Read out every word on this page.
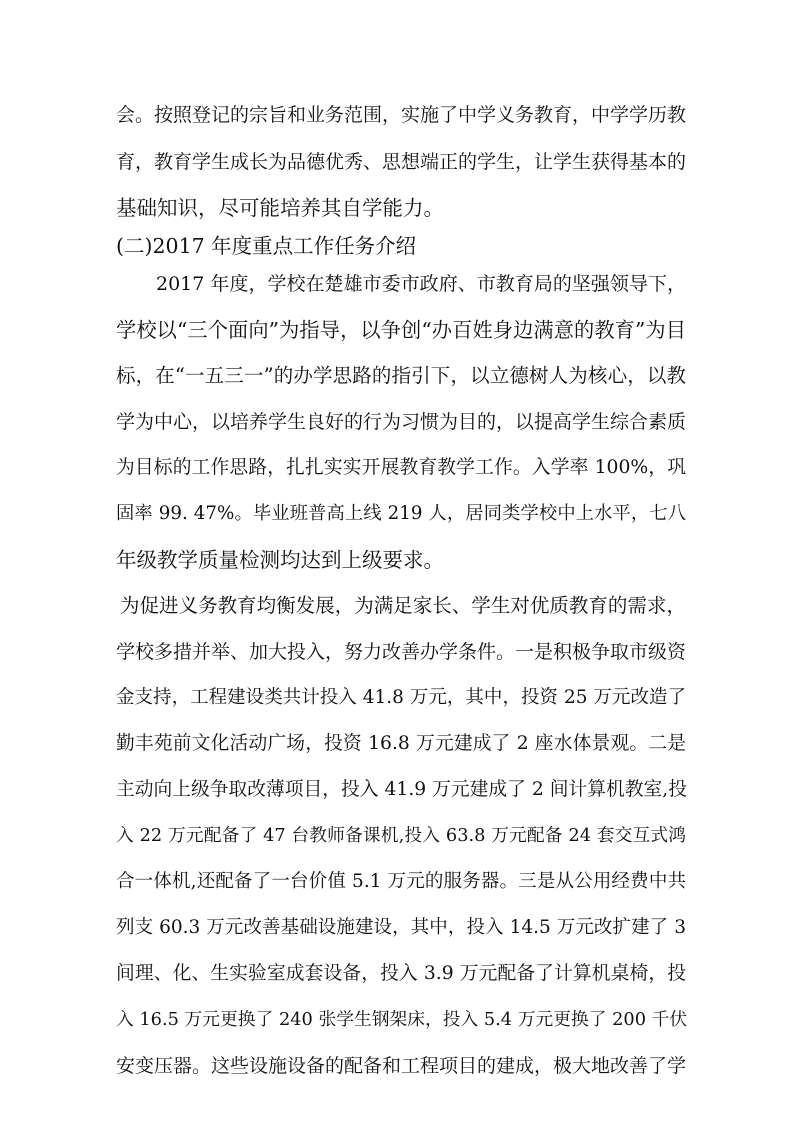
会。按照登记的宗旨和业务范围，实施了中学义务教育，中学学历教
育，教育学生成长为品德优秀、思想端正的学生，让学生获得基本的
基础知识，尽可能培养其自学能力。
(二)2017 年度重点工作任务介绍
2017 年度，学校在楚雄市委市政府、市教育局的坚强领导下，
学校以“三个面向”为指导，以争创“办百姓身边满意的教育”为目
标，在“一五三一”的办学思路的指引下，以立德树人为核心，以教
学为中心，以培养学生良好的行为习惯为目的，以提高学生综合素质
为目标的工作思路，扎扎实实开展教育教学工作。入学率 100%，巩
固率 99. 47%。毕业班普高上线 219 人，居同类学校中上水平，七八
年级教学质量检测均达到上级要求。
为促进义务教育均衡发展，为满足家长、学生对优质教育的需求，
学校多措并举、加大投入，努力改善办学条件。一是积极争取市级资
金支持，工程建设类共计投入 41.8 万元，其中，投资 25 万元改造了
勤丰苑前文化活动广场，投资 16.8 万元建成了 2 座水体景观。二是
主动向上级争取改薄项目，投入 41.9 万元建成了 2 间计算机教室,投
入 22 万元配备了 47 台教师备课机,投入 63.8 万元配备 24 套交互式鸿
合一体机,还配备了一台价值 5.1 万元的服务器。三是从公用经费中共
列支 60.3 万元改善基础设施建设，其中，投入 14.5 万元改扩建了 3
间理、化、生实验室成套设备，投入 3.9 万元配备了计算机桌椅，投
入 16.5 万元更换了 240 张学生钢架床，投入 5.4 万元更换了 200 千伏
安变压器。这些设施设备的配备和工程项目的建成，极大地改善了学
